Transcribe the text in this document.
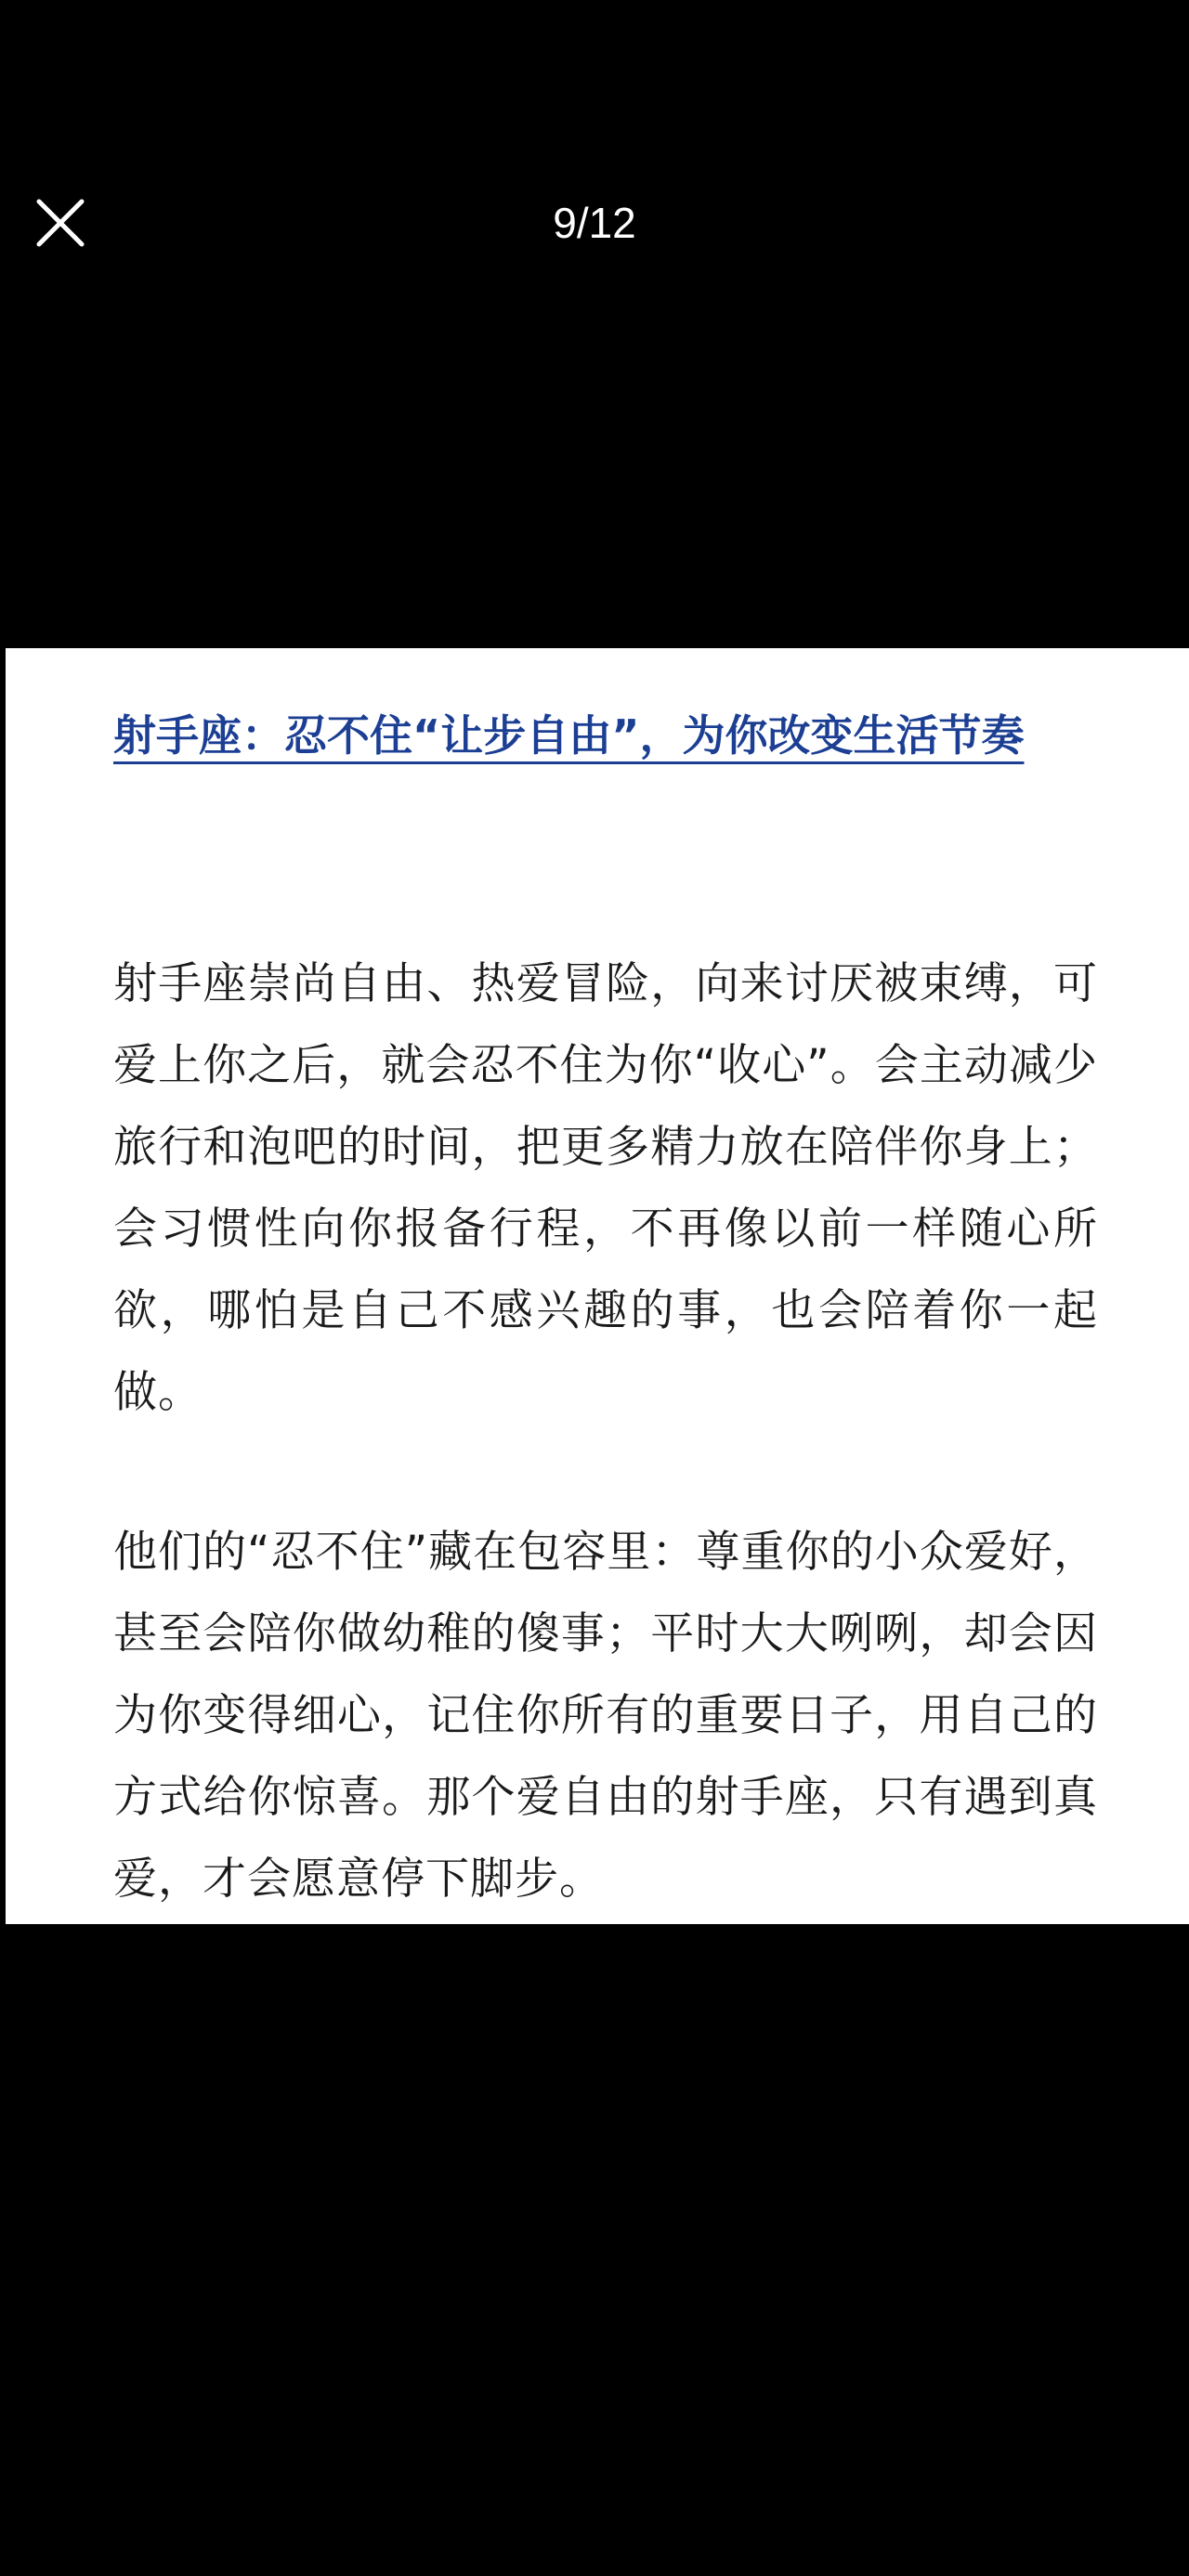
9/12
射手座：忍不住“让步自由”，为你改变生活节奏

射手座崇尚自由、热爱冒险，向来讨厌被束缚，可爱上你之后，就会忍不住为你“收心”。会主动减少旅行和泡吧的时间，把更多精力放在陪伴你身上；会习惯性向你报备行程，不再像以前一样随心所欲，哪怕是自己不感兴趣的事，也会陪着你一起做。

他们的“忍不住”藏在包容里：尊重你的小众爱好，甚至会陪你做幼稚的傻事；平时大大咧咧，却会因为你变得细心，记住你所有的重要日子，用自己的方式给你惊喜。那个爱自由的射手座，只有遇到真爱，才会愿意停下脚步。
